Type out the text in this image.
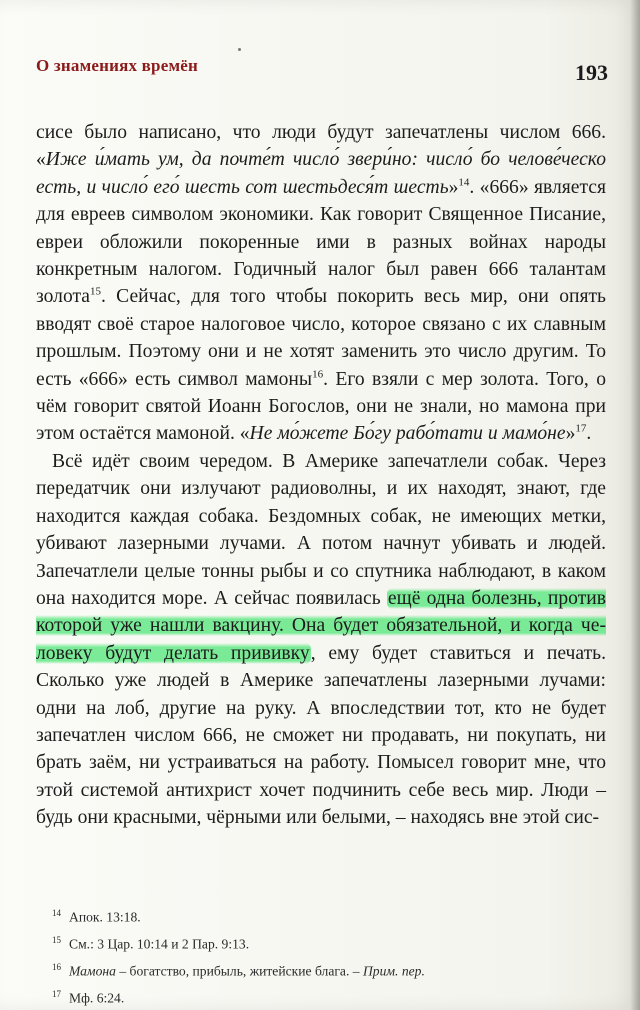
О знамениях времён	193

сисе было написано, что люди будут запечатлены числом 666. «Иже и́мать ум, да почте́т число́ звери́но: число́ бо челове́ческо есть, и число́ его́ шесть сот шестьдеся́т шесть»$^{14}$. «666» является для евреев символом экономики. Как говорит Священное Писание, евреи обложили покоренные ими в разных войнах народы конкретным налогом. Годичный налог был равен 666 талантам золота$^{15}$. Сейчас, для того чтобы покорить весь мир, они опять вводят своё старое налоговое число, которое связано с их славным прошлым. Поэтому они и не хотят заменить это число другим. То есть «666» есть символ мамоны$^{16}$. Его взяли с мер золота. Того, о чём говорит святой Иоанн Богослов, они не знали, но мамона при этом остаётся мамоной. «Не мо́жете Бо́гу рабо́тати и мамо́не»$^{17}$.

Всё идёт своим чередом. В Америке запечатлели собак. Через передатчик они излучают радиоволны, и их находят, знают, где находится каждая собака. Бездомных собак, не имеющих метки, убивают лазерными лучами. А потом начнут убивать и людей. Запечатлели целые тонны рыбы и со спутника наблюдают, в каком она находится море. А сейчас появилась ещё одна болезнь, против которой уже нашли вакцину. Она будет обязательной, и когда человеку будут делать прививку, ему будет ставиться и печать. Сколько уже людей в Америке запечатлены лазерными лучами: одни на лоб, другие на руку. А впоследствии тот, кто не будет запечатлен числом 666, не сможет ни продавать, ни покупать, ни брать заём, ни устраиваться на работу. Помысел говорит мне, что этой системой антихрист хочет подчинить себе весь мир. Люди – будь они красными, чёрными или белыми, – находясь вне этой сис-

$^{14}$ Апок. 13:18.
$^{15}$ См.: 3 Цар. 10:14 и 2 Пар. 9:13.
$^{16}$ Мамона – богатство, прибыль, житейские блага. – Прим. пер.
$^{17}$ Мф. 6:24.
